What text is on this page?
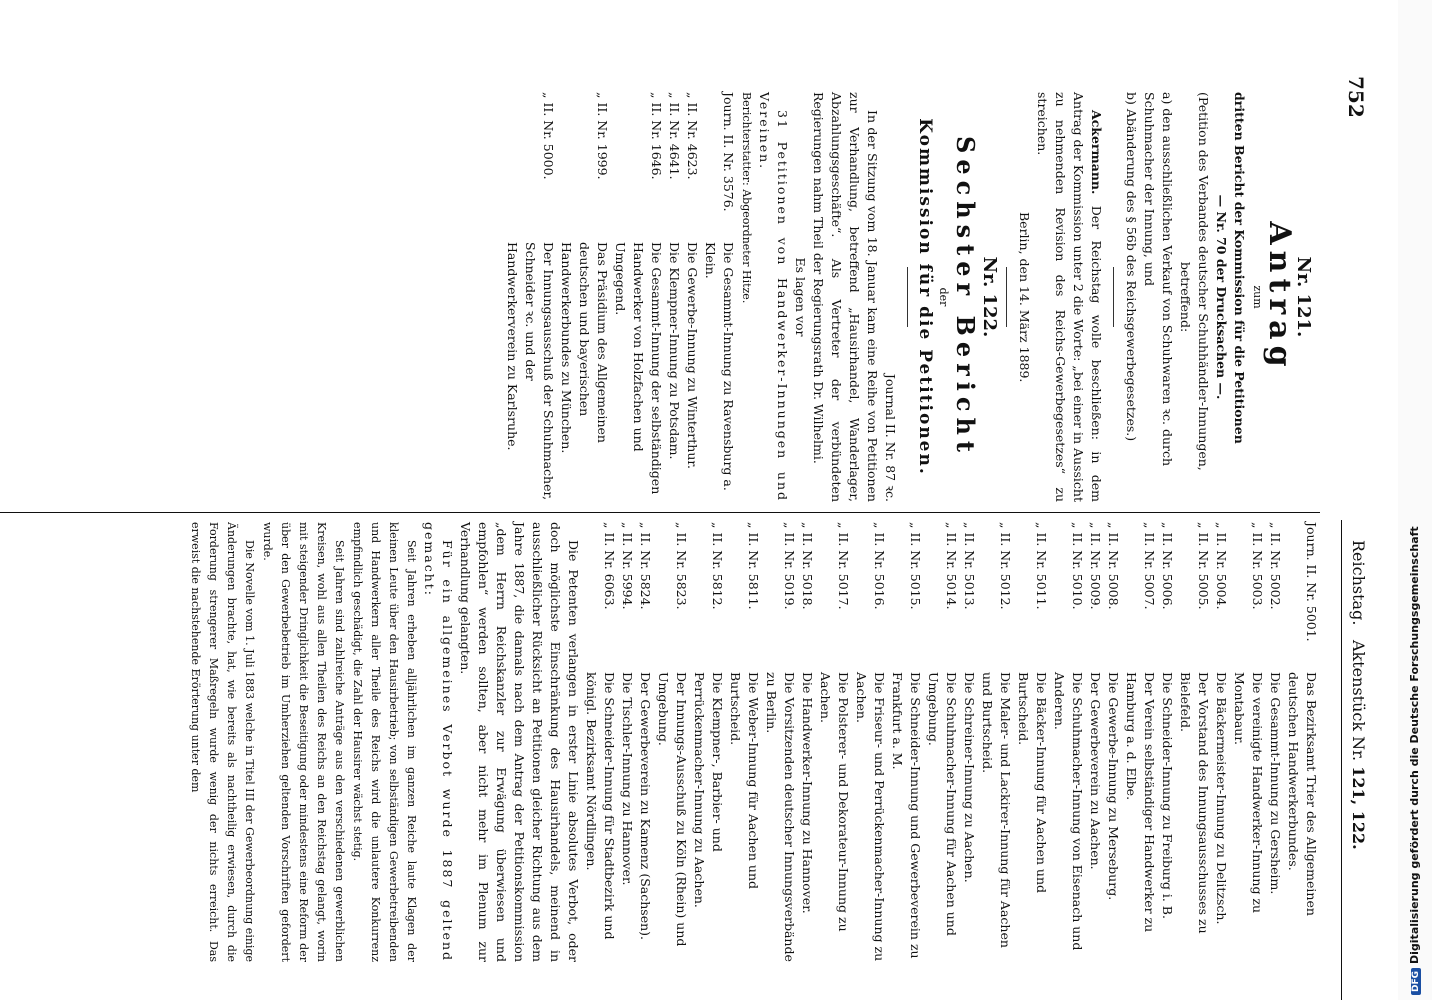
752
Reichstag.
Aktenstück Nr. 121, 122.
Nr. 121.
Antrag
zum
dritten Bericht der Kommission für die Petitionen
— Nr. 70 der Drucksachen —.
(Petition des Verbandes deutscher Schuhhändler-Innungen,
betreffend:
a) den ausschließlichen Verkauf von Schuhwaren ꝛc. durch Schuhmacher der Innung, und
b) Abänderung des § 56b des Reichsgewerbegesetzes.)
Ackermann. Der Reichstag wolle beschließen: in dem Antrag der Kommission unter 2 die Worte: „bei einer in Aussicht zu nehmenden Revision des Reichs-Gewerbegesetzes“ zu streichen.
Berlin, den 14. März 1889.
Nr. 122.
Sechster Bericht
der
Kommission für die Petitionen.
Journal II. Nr. 87 ꝛc.
In der Sitzung vom 18. Januar kam eine Reihe von Petitionen zur Verhandlung, betreffend „Hausirhandel, Wanderlager, Abzahlungsgeschäfte“. Als Vertreter der verbündeten Regierungen nahm Theil der Regierungsrath Dr. Wilhelmi.
Es lagen vor
31 Petitionen von Handwerker-Innungen und Vereinen.
Berichterstatter: Abgeordneter Hitze.
Journ. II. Nr. 3576.
Die Gesammt-Innung zu Ravensburg a. Klein.
„ II. Nr. 4623.
Die Gewerbe-Innung zu Winterthur.
„ II. Nr. 4641.
Die Klempner-Innung zu Potsdam.
„ II. Nr. 1646.
Die Gesammt-Innung der selbständigen Handwerker von Holzfachen und Umgegend.
„ II. Nr. 1999.
Das Präsidium des Allgemeinen deutschen und bayerischen Handwerkerbundes zu München.
„ II. Nr. 5000.
Der Innungsausschuß der Schuhmacher, Schneider ꝛc. und der Handwerkerverein zu Karlsruhe.
Journ. II. Nr. 5001.
Das Bezirksamt Trier des Allgemeinen deutschen Handwerkerbundes.
„ II. Nr. 5002.
Die Gesammt-Innung zu Gersheim.
„ II. Nr. 5003.
Die vereinigte Handwerker-Innung zu Montabaur.
„ II. Nr. 5004.
Die Bäckermeister-Innung zu Delitzsch.
„ II. Nr. 5005.
Der Vorstand des Innungsausschusses zu Bielefeld.
„ II. Nr. 5006.
Die Schneider-Innung zu Freiburg i. B.
„ II. Nr. 5007.
Der Verein selbständiger Handwerker zu Hamburg a. d. Elbe.
„ II. Nr. 5008.
Die Gewerbe-Innung zu Merseburg.
„ II. Nr. 5009.
Der Gewerbeverein zu Aachen.
„ II. Nr. 5010.
Die Schuhmacher-Innung von Eisenach und Anderen.
„ II. Nr. 5011.
Die Bäcker-Innung für Aachen und Burtscheid.
„ II. Nr. 5012.
Die Maler- und Lackirer-Innung für Aachen und Burtscheid.
„ II. Nr. 5013.
Die Schreiner-Innung zu Aachen.
„ II. Nr. 5014.
Die Schuhmacher-Innung für Aachen und Umgebung.
„ II. Nr. 5015.
Die Schneider-Innung und Gewerbeverein zu Frankfurt a. M.
„ II. Nr. 5016.
Die Friseur- und Perrückenmacher-Innung zu Aachen.
„ II. Nr. 5017.
Die Polsterer- und Dekorateur-Innung zu Aachen.
„ II. Nr. 5018.
Die Handwerker-Innung zu Hannover.
„ II. Nr. 5019.
Die Vorsitzenden deutscher Innungsverbände zu Berlin.
„ II. Nr. 5811.
Die Weber-Innung für Aachen und Burtscheid.
„ II. Nr. 5812.
Die Klempner-, Barbier- und Perrückenmacher-Innung zu Aachen.
„ II. Nr. 5823.
Der Innungs-Ausschuß zu Köln (Rhein) und Umgebung.
„ II. Nr. 5824.
Der Gewerbeverein zu Kamenz (Sachsen).
„ II. Nr. 5994.
Die Tischler-Innung zu Hannover.
„ II. Nr. 6063.
Die Schneider-Innung für Stadtbezirk und königl. Bezirksamt Nördlingen.
Die Petenten verlangen in erster Linie absolutes Verbot, oder doch möglichste Einschränkung des Hausirhandels, meinend in ausschließlicher Rücksicht an Petitionen gleicher Richtung aus dem Jahre 1887, die damals nach dem Antrag der Petitionskommission „dem Herrn Reichskanzler zur Erwägung überwiesen und empfohlen“ werden sollten, aber nicht mehr im Plenum zur Verhandlung gelangten.
Für ein allgemeines Verbot wurde 1887 geltend gemacht:
Seit Jahren erheben alljährlichen im ganzen Reiche laute Klagen der kleinen Leute über den Hausirbetrieb; von selbständigen Gewerbetreibenden und Handwerkern aller Theile des Reichs wird die unlautere Konkurrenz empfindlich geschädigt, die Zahl der Hausirer wächst stetig.
Seit Jahren sind zahlreiche Anträge aus den verschiedenen gewerblichen Kreisen, wohl aus allen Theilen des Reichs an den Reichstag gelangt, worin mit steigender Dringlichkeit die Beseitigung oder mindestens eine Reform der über den Gewerbebetrieb im Umherziehen geltenden Vorschriften gefordert wurde.
Die Novelle vom 1. Juli 1883 welche in Titel III der Gewerbeordnung einige Änderungen brachte, hat, wie bereits als nachtheilig erwiesen, durch die Forderung strengerer Maßregeln wurde wenig der nichts erreicht. Das erweist die nachstehende Erörterung unter dem
DFGDigitalisierung gefördert durch die Deutsche Forschungsgemeinschaft
